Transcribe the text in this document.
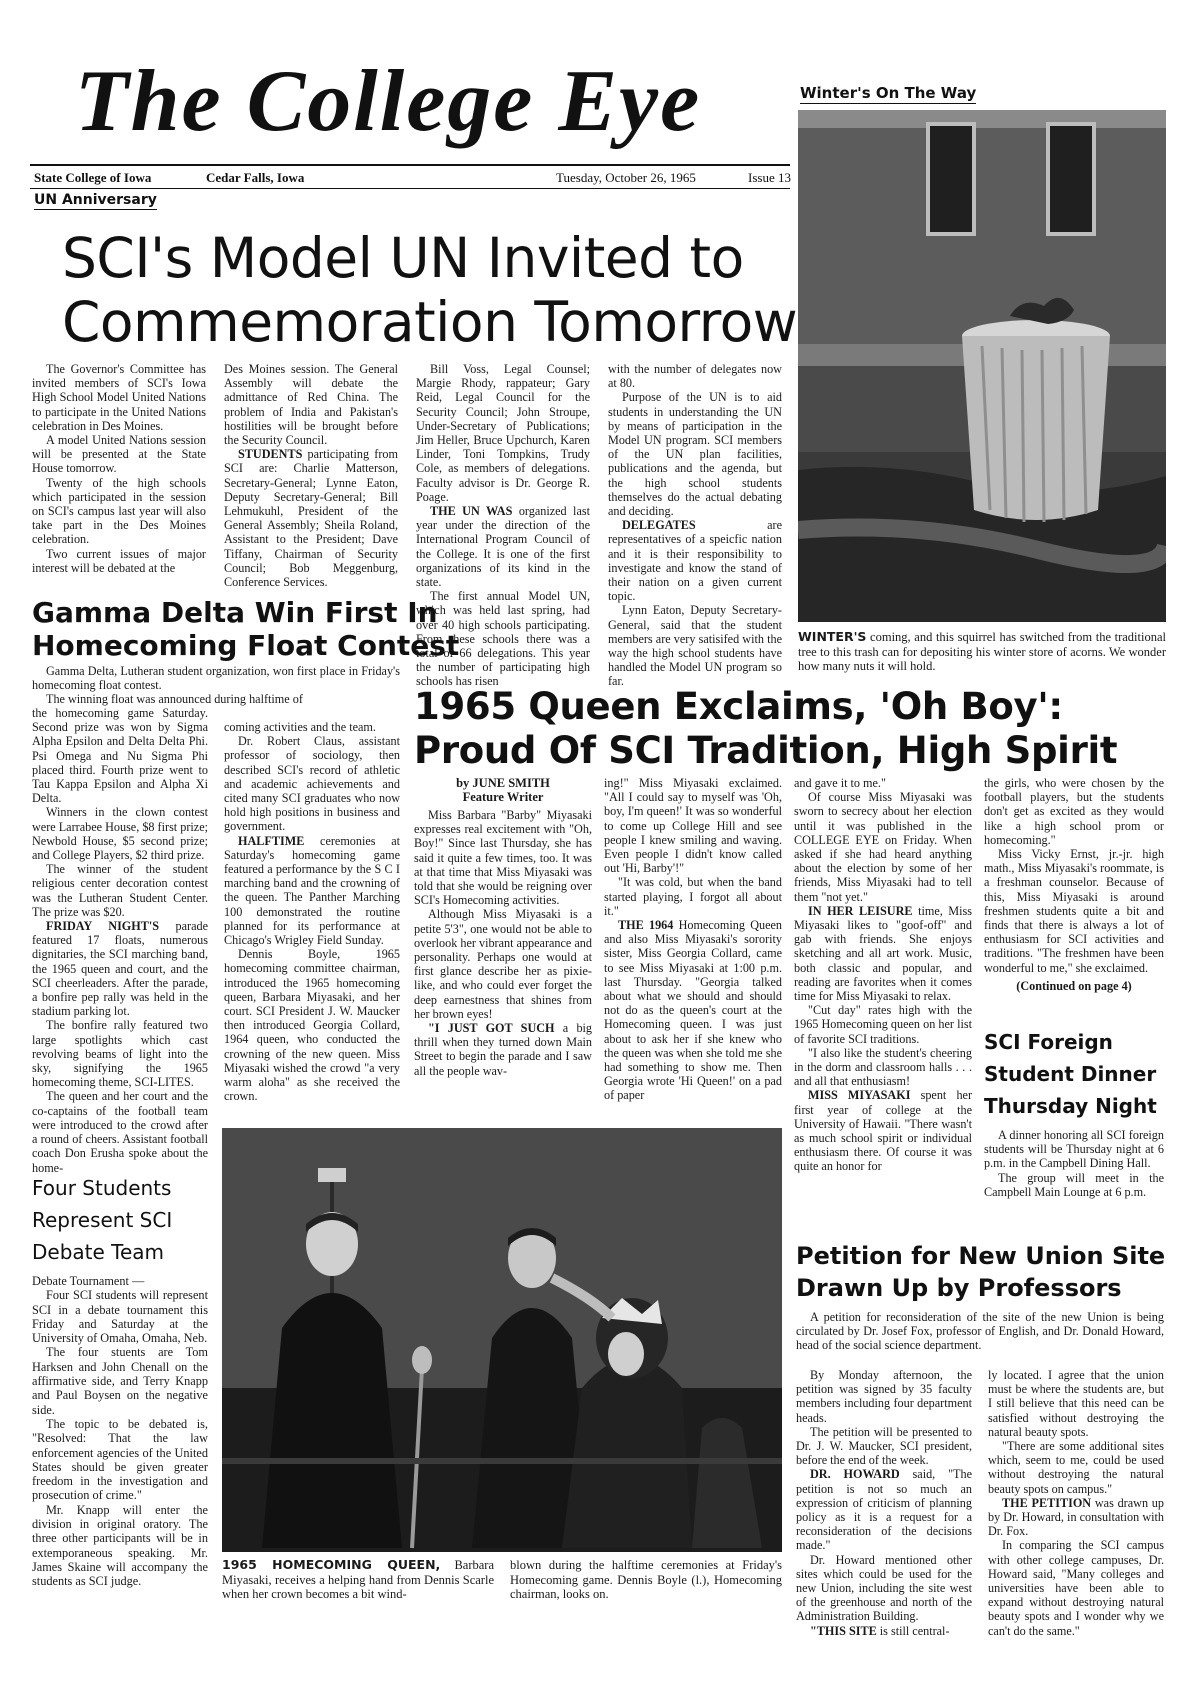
The College Eye
State College of Iowa	Cedar Falls, Iowa	Tuesday, October 26, 1965	Issue 13
UN Anniversary
SCI's Model UN Invited to
Commemoration Tomorrow

The Governor's Committee has invited members of SCI's Iowa High School Model United Nations to participate in the United Nations celebration in Des Moines.

A model United Nations session will be presented at the State House tomorrow.

Twenty of the high schools which participated in the session on SCI's campus last year will also take part in the Des Moines celebration.

Two current issues of major interest will be debated at the

Des Moines session. The General Assembly will debate the admittance of Red China. The problem of India and Pakistan's hostilities will be brought before the Security Council.

STUDENTS participating from SCI are: Charlie Matterson, Secretary-General; Lynne Eaton, Deputy Secretary-General; Bill Lehmukuhl, President of the General Assembly; Sheila Roland, Assistant to the President; Dave Tiffany, Chairman of Security Council; Bob Meggenburg, Conference Services.

Bill Voss, Legal Counsel; Margie Rhody, rappateur; Gary Reid, Legal Council for the Security Council; John Stroupe, Under-Secretary of Publications; Jim Heller, Bruce Upchurch, Karen Linder, Toni Tompkins, Trudy Cole, as members of delegations. Faculty advisor is Dr. George R. Poage.

THE UN WAS organized last year under the direction of the International Program Council of the College. It is one of the first organizations of its kind in the state.

The first annual Model UN, which was held last spring, had over 40 high schools participating. From these schools there was a total of 66 delegations. This year the number of participating high schools has risen

with the number of delegates now at 80.

Purpose of the UN is to aid students in understanding the UN by means of participation in the Model UN program. SCI members of the UN plan facilities, publications and the agenda, but the high school students themselves do the actual debating and deciding.

DELEGATES	are representatives of a speicfic nation and it is their responsibility to investigate and know the stand of their nation on a given current topic.

Lynn Eaton, Deputy Secretary-General, said that the student members are very satisifed with the way the high school students have handled the Model UN program so far.

Winter's On The Way
WINTER'S coming, and this squirrel has switched from the traditional tree to this trash can for depositing his winter store of acorns. We wonder how many nuts it will hold.
Gamma Delta Win First In
Homecoming Float Contest

Gamma Delta, Lutheran student organization, won first place in Friday's homecoming float contest.

The winning float was announced during halftime of

the homecoming game Saturday. Second prize was won by Sigma Alpha Epsilon and Delta Delta Phi. Psi Omega and Nu Sigma Phi placed third. Fourth prize went to Tau Kappa Epsilon and Alpha Xi Delta.

Winners in the clown contest were Larrabee House, $8 first prize; Newbold House, $5 second prize; and College Players, $2 third prize.

The winner of the student religious center decoration contest was the Lutheran Student Center. The prize was $20.

FRIDAY NIGHT'S parade featured 17 floats, numerous dignitaries, the SCI marching band, the 1965 queen and court, and the SCI cheerleaders. After the parade, a bonfire pep rally was held in the stadium parking lot.

The bonfire rally featured two large spotlights which cast revolving beams of light into the sky, signifying the 1965 homecoming theme, SCI-LITES.

The queen and her court and the co-captains of the football team were introduced to the crowd after a round of cheers. Assistant football coach Don Erusha spoke about the home-

coming activities and the team.

Dr. Robert Claus, assistant professor of sociology, then described SCI's record of athletic and academic achievements and cited many SCI graduates who now hold high positions in business and government.

HALFTIME ceremonies at Saturday's homecoming game featured a performance by the S C I marching band and the crowning of the queen. The Panther Marching 100 demonstrated the routine planned for its performance at Chicago's Wrigley Field Sunday.

Dennis Boyle, 1965 homecoming committee chairman, introduced the 1965 homecoming queen, Barbara Miyasaki, and her court. SCI President J. W. Maucker then introduced Georgia Collard, 1964 queen, who conducted the crowning of the new queen. Miss Miyasaki wished the crowd "a very warm aloha" as she received the crown.

Four Students
Represent SCI
Debate Team

Debate Tournament —

Four SCI students will represent SCI in a debate tournament this Friday and Saturday at the University of Omaha, Omaha, Neb.

The four stuents are Tom Harksen and John Chenall on the affirmative side, and Terry Knapp and Paul Boysen on the negative side.

The topic to be debated is, "Resolved: That the law enforcement agencies of the United States should be given greater freedom in the investigation and prosecution of crime."

Mr. Knapp will enter the division in original oratory. The three other participants will be in extemporaneous speaking. Mr. James Skaine will accompany the students as SCI judge.

1965 Queen Exclaims, 'Oh Boy':
Proud Of SCI Tradition, High Spirit
by JUNE SMITH
Feature Writer

Miss Barbara "Barby" Miyasaki expresses real excitement with "Oh, Boy!" Since last Thursday, she has said it quite a few times, too. It was at that time that Miss Miyasaki was told that she would be reigning over SCI's Homecoming activities.

Although Miss Miyasaki is a petite 5'3", one would not be able to overlook her vibrant appearance and personality. Perhaps one would at first glance describe her as pixie-like, and who could ever forget the deep earnestness that shines from her brown eyes!

"I JUST GOT SUCH a big thrill when they turned down Main Street to begin the parade and I saw all the people wav-

ing!" Miss Miyasaki exclaimed. "All I could say to myself was 'Oh, boy, I'm queen!' It was so wonderful to come up College Hill and see people I knew smiling and waving. Even people I didn't know called out 'Hi, Barby'!"

"It was cold, but when the band started playing, I forgot all about it."

THE 1964 Homecoming Queen and also Miss Miyasaki's sorority sister, Miss Georgia Collard, came to see Miss Miyasaki at 1:00 p.m. last Thursday. "Georgia talked about what we should and should not do as the queen's court at the Homecoming queen. I was just about to ask her if she knew who the queen was when she told me she had something to show me. Then Georgia wrote 'Hi Queen!' on a pad of paper

and gave it to me."

Of course Miss Miyasaki was sworn to secrecy about her election until it was published in the COLLEGE EYE on Friday. When asked if she had heard anything about the election by some of her friends, Miss Miyasaki had to tell them "not yet."

IN HER LEISURE time, Miss Miyasaki likes to "goof-off" and gab with friends. She enjoys sketching and all art work. Music, both classic and popular, and reading are favorites when it comes time for Miss Miyasaki to relax.

"Cut day" rates high with the 1965 Homecoming queen on her list of favorite SCI traditions.

"I also like the student's cheering in the dorm and classroom halls . . . and all that enthusiasm!

MISS MIYASAKI spent her first year of college at the University of Hawaii. "There wasn't as much school spirit or individual enthusiasm there. Of course it was quite an honor for

the girls, who were chosen by the football players, but the students don't get as excited as they would like a high school prom or homecoming."

Miss Vicky Ernst, jr.-jr. high math., Miss Miyasaki's roommate, is a freshman counselor. Because of this, Miss Miyasaki is around freshmen students quite a bit and finds that there is always a lot of enthusiasm for SCI activities and traditions. "The freshmen have been wonderful to me," she exclaimed.

(Continued on page 4)

SCI Foreign
Student Dinner
Thursday Night

A dinner honoring all SCI foreign students will be Thursday night at 6 p.m. in the Campbell Dining Hall.

The group will meet in the Campbell Main Lounge at 6 p.m.

1965 HOMECOMING QUEEN, Barbara Miyasaki, receives a helping hand from Dennis Scarle when her crown becomes a bit wind-
blown during the halftime ceremonies at Friday's Homecoming game. Dennis Boyle (l.), Homecoming chairman, looks on.
Petition for New Union Site
Drawn Up by Professors

A petition for reconsideration of the site of the new Union is being circulated by Dr. Josef Fox, professor of English, and Dr. Donald Howard, head of the social science department.

By Monday afternoon, the petition was signed by 35 faculty members including four department heads.

The petition will be presented to Dr. J. W. Maucker, SCI president, before the end of the week.

DR. HOWARD said, "The petition is not so much an expression of criticism of planning policy as it is a request for a reconsideration of the decisions made."

Dr. Howard mentioned other sites which could be used for the new Union, including the site west of the greenhouse and north of the Administration Building.

"THIS SITE is still central-

ly located. I agree that the union must be where the students are, but I still believe that this need can be satisfied without destroying the natural beauty spots.

"There are some additional sites which, seem to me, could be used without destroying the natural beauty spots on campus."

THE PETITION was drawn up by Dr. Howard, in consultation with Dr. Fox.

In comparing the SCI campus with other college campuses, Dr. Howard said, "Many colleges and universities have been able to expand without destroying natural beauty spots and I wonder why we can't do the same."
